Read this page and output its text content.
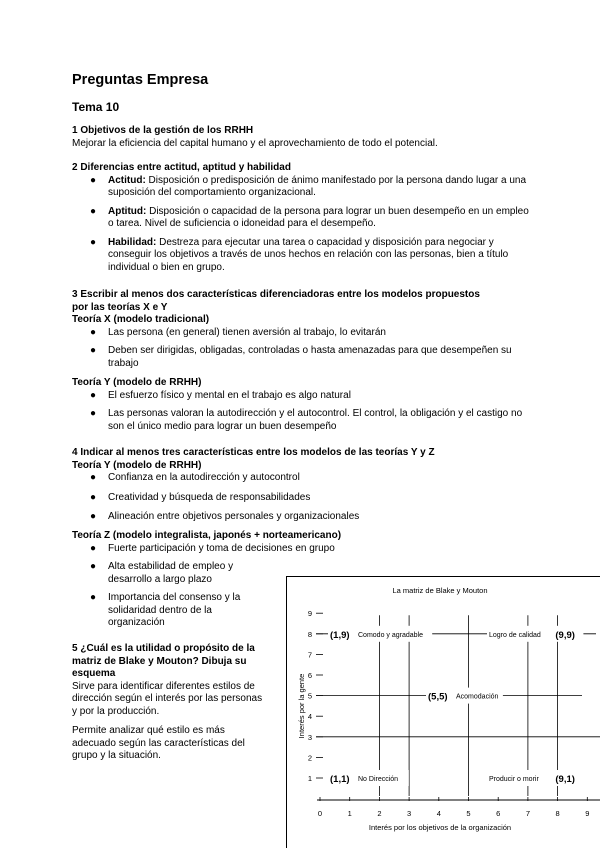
Preguntas Empresa
Tema 10
1 Objetivos de la gestión de los RRHH
Mejorar la eficiencia del capital humano y el aprovechamiento de todo el potencial.
2 Diferencias entre actitud, aptitud y habilidad
● Actitud: Disposición o predisposición de ánimo manifestado por la persona dando lugar a una suposición del comportamiento organizacional.
● Aptitud: Disposición o capacidad de la persona para lograr un buen desempeño en un empleo o tarea. Nivel de suficiencia o idoneidad para el desempeño.
● Habilidad: Destreza para ejecutar una tarea o capacidad y disposición para negociar y conseguir los objetivos a través de unos hechos en relación con las personas, bien a título individual o bien en grupo.
3 Escribir al menos dos características diferenciadoras entre los modelos propuestos por las teorías X e Y
Teoría X (modelo tradicional)
● Las persona (en general) tienen aversión al trabajo, lo evitarán
● Deben ser dirigidas, obligadas, controladas o hasta amenazadas para que desempeñen su trabajo
Teoría Y (modelo de RRHH)
● El esfuerzo físico y mental en el trabajo es algo natural
● Las personas valoran la autodirección y el autocontrol. El control, la obligación y el castigo no son el único medio para lograr un buen desempeño
4 Indicar al menos tres características entre los modelos de las teorías Y y Z
Teoría Y (modelo de RRHH)
● Confianza en la autodirección y autocontrol
● Creatividad y búsqueda de responsabilidades
● Alineación entre objetivos personales y organizacionales
Teoría Z (modelo integralista, japonés + norteamericano)
● Fuerte participación y toma de decisiones en grupo
● Alta estabilidad de empleo y desarrollo a largo plazo
● Importancia del consenso y la solidaridad dentro de la organización
5 ¿Cuál es la utilidad o propósito de la matriz de Blake y Mouton? Dibuja su esquema
Sirve para identificar diferentes estilos de dirección según el interés por las personas y por la producción.
Permite analizar qué estilo es más adecuado según las características del grupo y la situación.
La matriz de Blake y Mouton
Interés por los objetivos de la organización
Interés por la gente
1
2
3
4
5
6
7
8
9
0	1	2	3	4	5	6	7	8	9
(1,9) Comodo y agradable	Logro de calidad (9,9)
(5,5) Acomodación
(1,1) No Dirección	Producir o morir (9,1)
